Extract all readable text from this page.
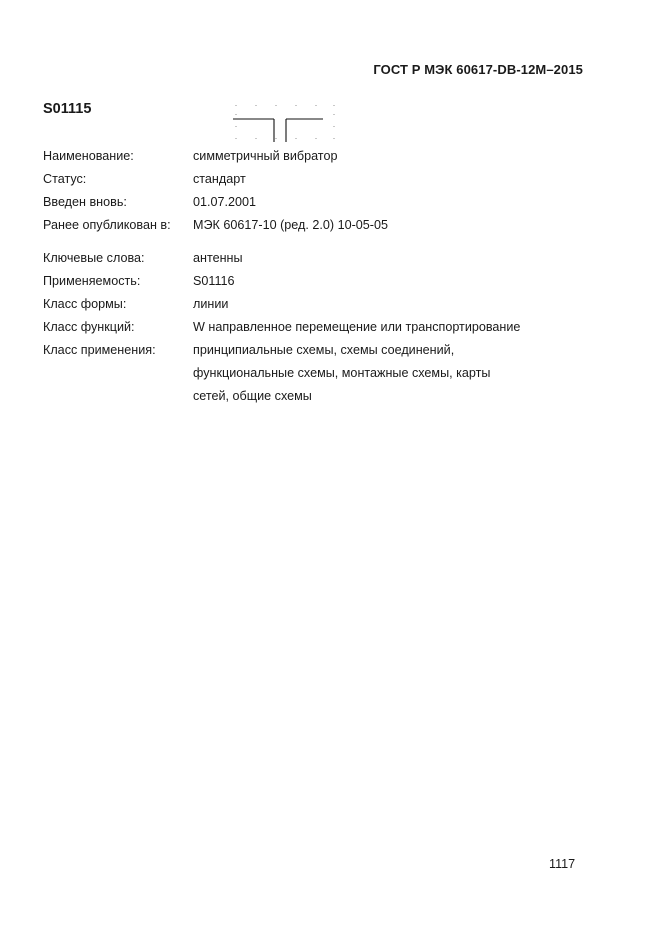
ГОСТ Р МЭК 60617-DB-12M–2015
S01115
Наименование:	симметричный вибратор
Статус:	стандарт
Введен вновь:	01.07.2001
Ранее опубликован в: МЭК 60617-10 (ред. 2.0) 10-05-05
Ключевые слова:	антенны
Применяемость:	S01116
Класс формы:	линии
Класс функций:	W направленное перемещение или транспортирование
Класс применения:	принципиальные схемы, схемы соединений,
функциональные схемы, монтажные схемы, карты
сетей, общие схемы
1117
